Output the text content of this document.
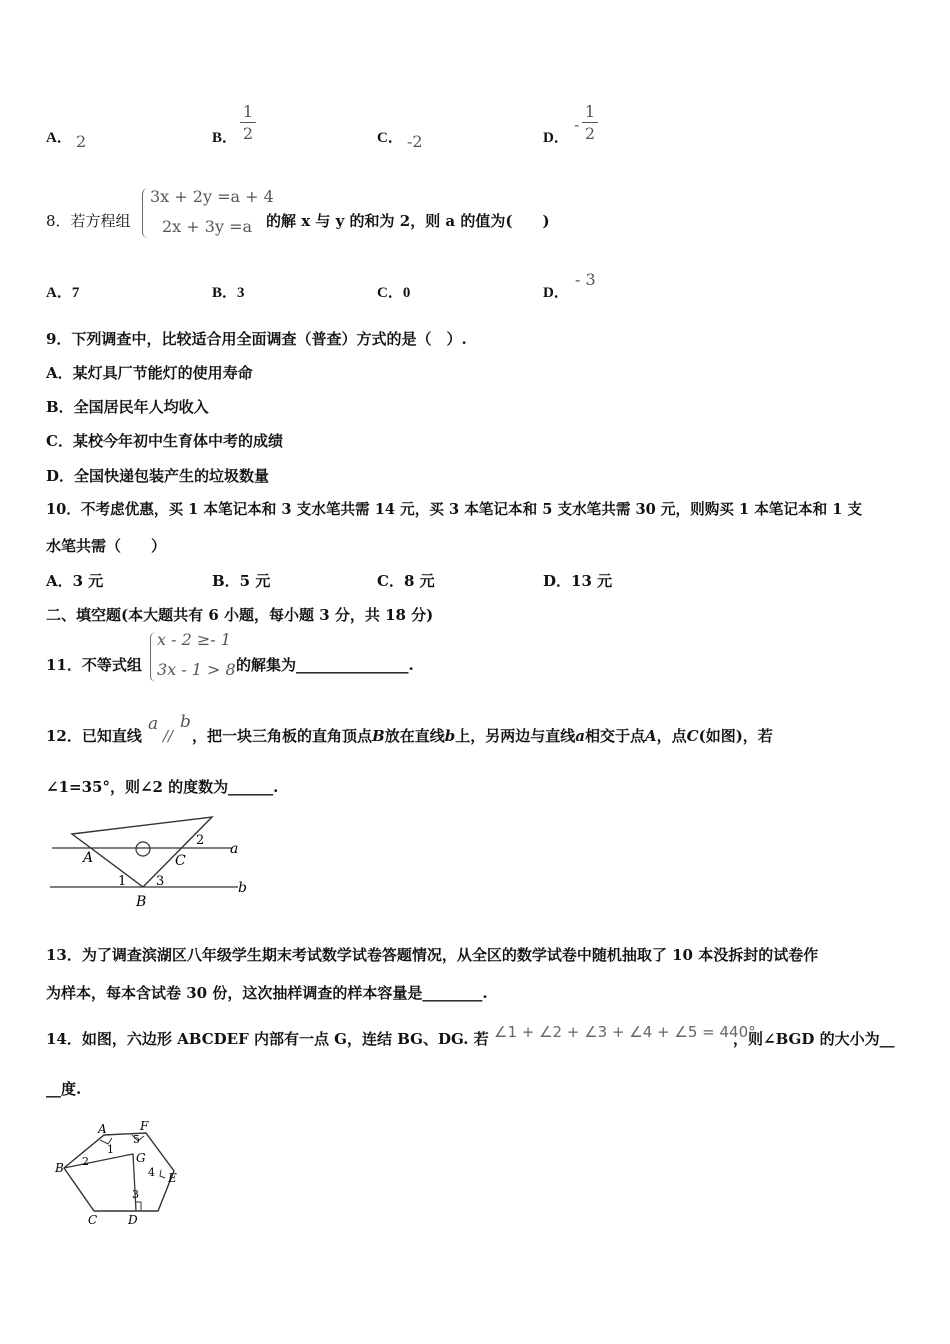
A． 2	B．
1
2	C． -2	D．
-
1
2
8．若方程组
3x + 2y =a + 4
2x + 3y =a 的解 x 与 y 的和为 2，则 a 的值为(　　)
A．7	B．3	C．0	D．
- 3
9．下列调查中，比较适合用全面调查（普查）方式的是（　）.
A．某灯具厂节能灯的使用寿命
B．全国居民年人均收入
C．某校今年初中生育体中考的成绩
D．全国快递包装产生的垃圾数量
10．不考虑优惠，买 1 本笔记本和 3 支水笔共需 14 元，买 3 本笔记本和 5 支水笔共需 30 元，则购买 1 本笔记本和 1 支
水笔共需（　　）
A．3 元	B．5 元	C．8 元	D．13 元
二、填空题(本大题共有 6 小题，每小题 3 分，共 18 分)
11．不等式组
x - 2 ≥- 1
3x - 1 > 8 的解集为_______________.
12．已知直线
a
//
b
，把一块三角板的直角顶点B放在直线b上，另两边与直线a相交于点A，点C(如图)，若
∠1=35°，则∠2 的度数为______.
A	C
B
1
2
3
a
b
13．为了调查滨湖区八年级学生期末考试数学试卷答题情况，从全区的数学试卷中随机抽取了 10 本没拆封的试卷作
为样本，每本含试卷 30 份，这次抽样调查的样本容量是________.
14．如图，六边形 ABCDEF 内部有一点 G，连结 BG、DG. 若 ∠1 + ∠2 + ∠3 + ∠4 + ∠5 = 440°
，则∠BGD 的大小为__
__度.
A	F
B
E
C	D
G
1
2
3
4
5
